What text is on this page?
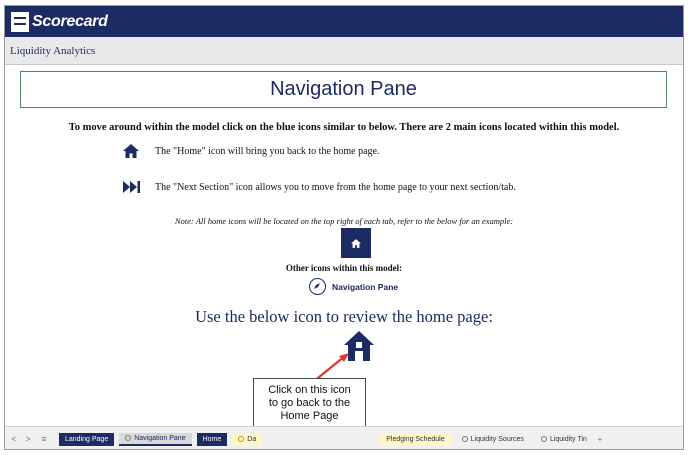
Scorecard
Liquidity Analytics
Navigation Pane
To move around within the model click on the blue icons similar to below. There are 2 main icons located within this model.
The "Home" icon will bring you back to the home page.
The "Next Section" icon allows you to move from the home page to your next section/tab.
Note: All home icons will be located on the top right of each tab, refer to the below for an example:
Other icons within this model:
Navigation Pane
Use the below icon to review the home page:
Click on this icon
to go back to the
Home Page
< > ≡	Landing Page	Navigation Pane Home	Da	Pledging Schedule	Liquidity Sources	Liquidity Tin	+
